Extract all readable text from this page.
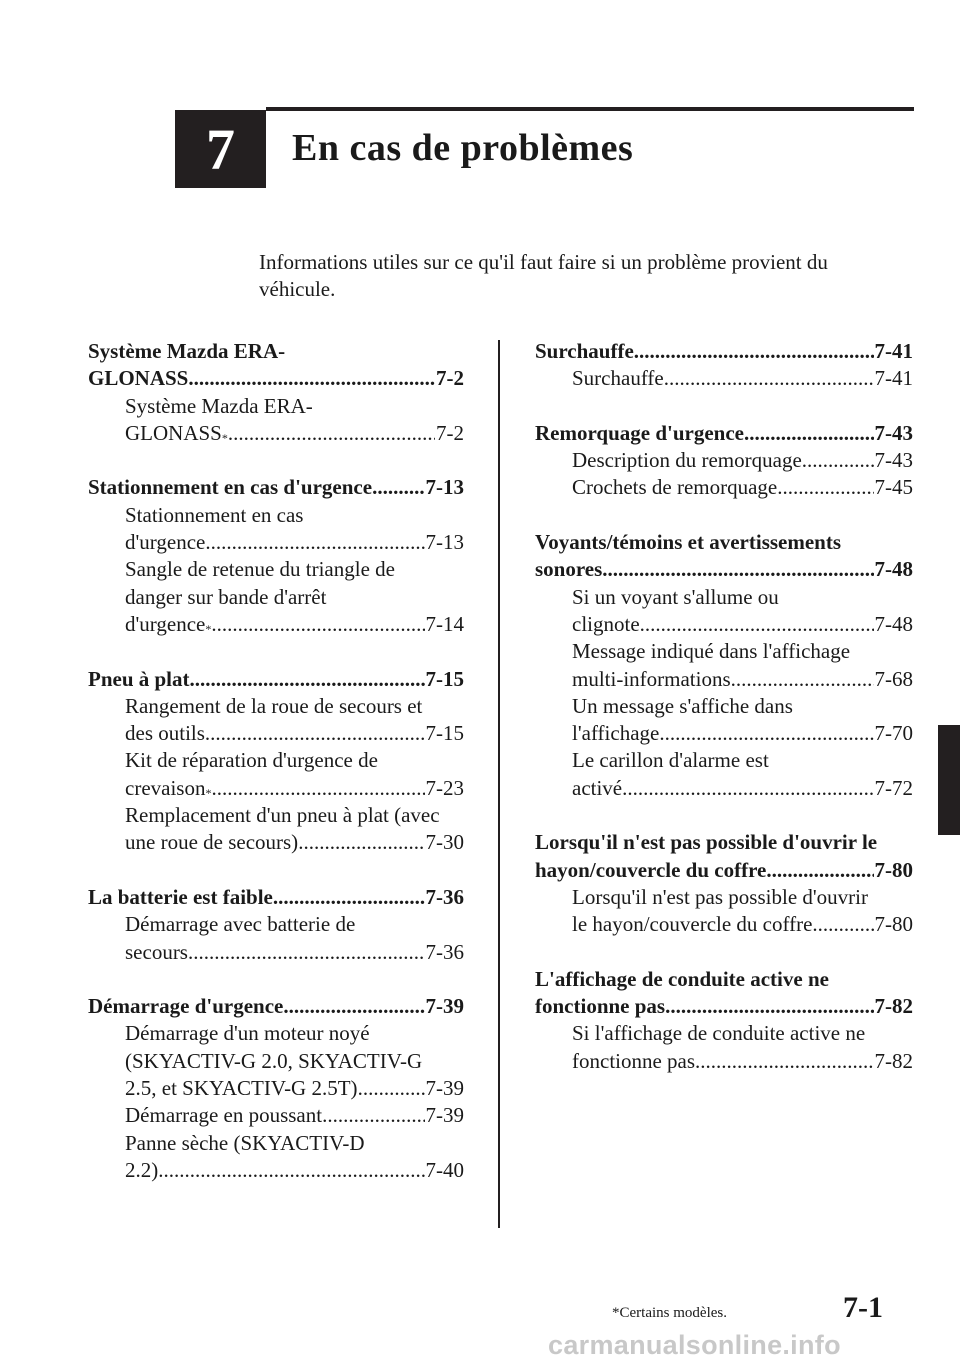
7 En cas de problèmes
Informations utiles sur ce qu'il faut faire si un problème provient du véhicule.
Système Mazda ERA-
GLONASS .....	7-2
Système Mazda ERA-
GLONASS* .....	7-2
Stationnement en cas d'urgence .....	7-13
Stationnement en cas
d'urgence .....	7-13
Sangle de retenue du triangle de
danger sur bande d'arrêt
d'urgence* .....	7-14
Pneu à plat .....	7-15
Rangement de la roue de secours et
des outils .....	7-15
Kit de réparation d'urgence de
crevaison* .....	7-23
Remplacement d'un pneu à plat (avec
une roue de secours) .....	7-30
La batterie est faible .....	7-36
Démarrage avec batterie de
secours .....	7-36
Démarrage d'urgence .....	7-39
Démarrage d'un moteur noyé
(SKYACTIV-G 2.0, SKYACTIV-G
2.5, et SKYACTIV-G 2.5T) .....	7-39
Démarrage en poussant .....	7-39
Panne sèche (SKYACTIV-D
2.2) .....	7-40
Surchauffe .....	7-41
Surchauffe .....	7-41
Remorquage d'urgence .....	7-43
Description du remorquage .....	7-43
Crochets de remorquage .....	7-45
Voyants/témoins et avertissements
sonores .....	7-48
Si un voyant s'allume ou
clignote .....	7-48
Message indiqué dans l'affichage
multi-informations .....	7-68
Un message s'affiche dans
l'affichage .....	7-70
Le carillon d'alarme est
activé .....	7-72
Lorsqu'il n'est pas possible d'ouvrir le
hayon/couvercle du coffre .....	7-80
Lorsqu'il n'est pas possible d'ouvrir
le hayon/couvercle du coffre .....	7-80
L'affichage de conduite active ne
fonctionne pas .....	7-82
Si l'affichage de conduite active ne
fonctionne pas .....	7-82
*Certains modèles.	7-1
carmanualsonline.info
